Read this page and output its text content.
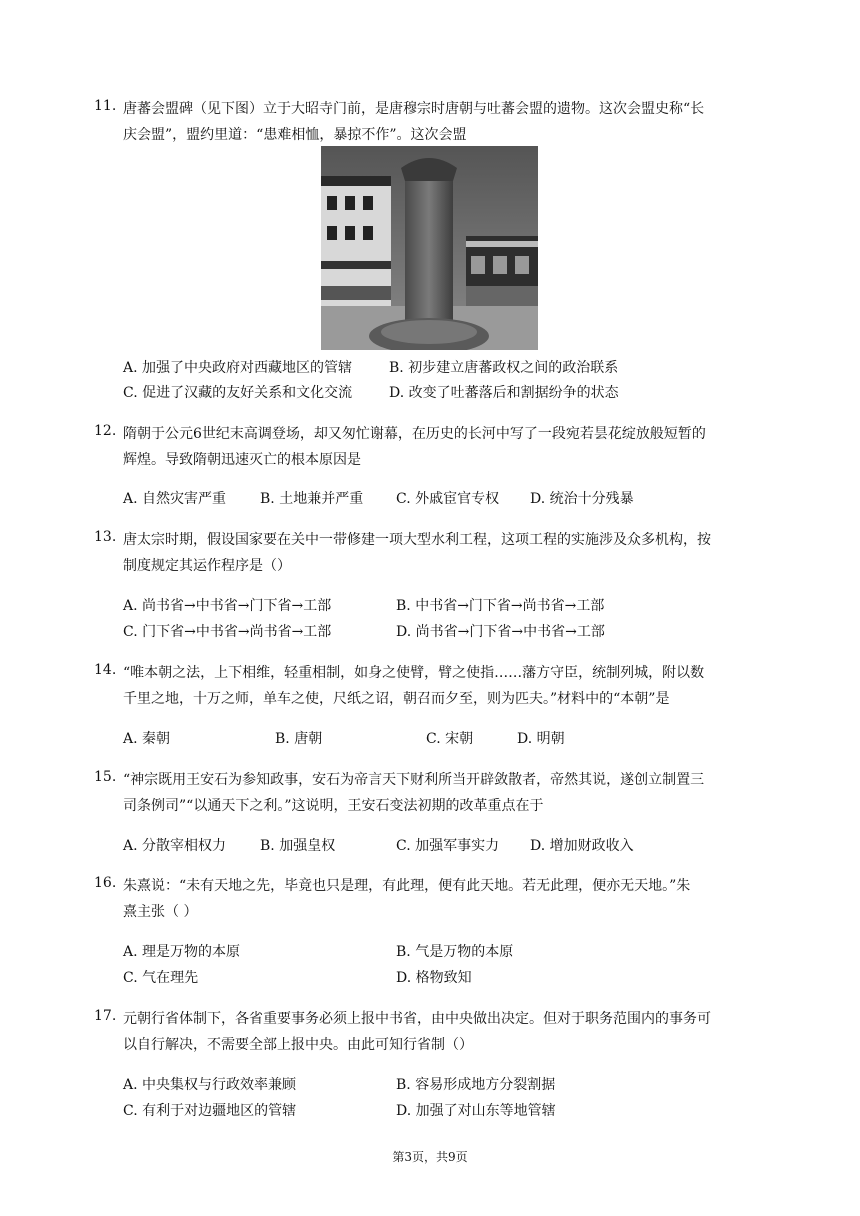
11. 唐蕃会盟碑（见下图）立于大昭寺门前，是唐穆宗时唐朝与吐蕃会盟的遗物。这次会盟史称“长
庆会盟”，盟约里道：“患难相恤，暴掠不作”。这次会盟
A. 加强了中央政府对西藏地区的管辖	B. 初步建立唐蕃政权之间的政治联系
C. 促进了汉藏的友好关系和文化交流	D. 改变了吐蕃落后和割据纷争的状态
12. 隋朝于公元6世纪末高调登场，却又匆忙谢幕，在历史的长河中写了一段宛若昙花绽放般短暂的
辉煌。导致隋朝迅速灭亡的根本原因是
A. 自然灾害严重 B. 土地兼并严重 C. 外戚宦官专权 D. 统治十分残暴
13. 唐太宗时期，假设国家要在关中一带修建一项大型水利工程，这项工程的实施涉及众多机构，按
制度规定其运作程序是（）
A. 尚书省→中书省→门下省→工部	B. 中书省→门下省→尚书省→工部
C. 门下省→中书省→尚书省→工部	D. 尚书省→门下省→中书省→工部
14. “唯本朝之法，上下相维，轻重相制，如身之使臂，臂之使指……藩方守臣，统制列城，附以数
千里之地，十万之师，单车之使，尺纸之诏，朝召而夕至，则为匹夫。”材料中的“本朝”是
A. 秦朝	B. 唐朝	C. 宋朝	D. 明朝
15. “神宗既用王安石为参知政事，安石为帝言天下财利所当开辟敛散者，帝然其说，遂创立制置三
司条例司”“以通天下之利。”这说明，王安石变法初期的改革重点在于
A. 分散宰相权力 B. 加强皇权	C. 加强军事实力 D. 增加财政收入
16. 朱熹说：“未有天地之先，毕竟也只是理，有此理，便有此天地。若无此理，便亦无天地。”朱
熹主张（ ）
A. 理是万物的本原	B. 气是万物的本原
C. 气在理先	D. 格物致知
17. 元朝行省体制下，各省重要事务必须上报中书省，由中央做出决定。但对于职务范围内的事务可
以自行解决，不需要全部上报中央。由此可知行省制（）
A. 中央集权与行政效率兼顾	B. 容易形成地方分裂割据
C. 有利于对边疆地区的管辖	D. 加强了对山东等地管辖
第3页，共9页
